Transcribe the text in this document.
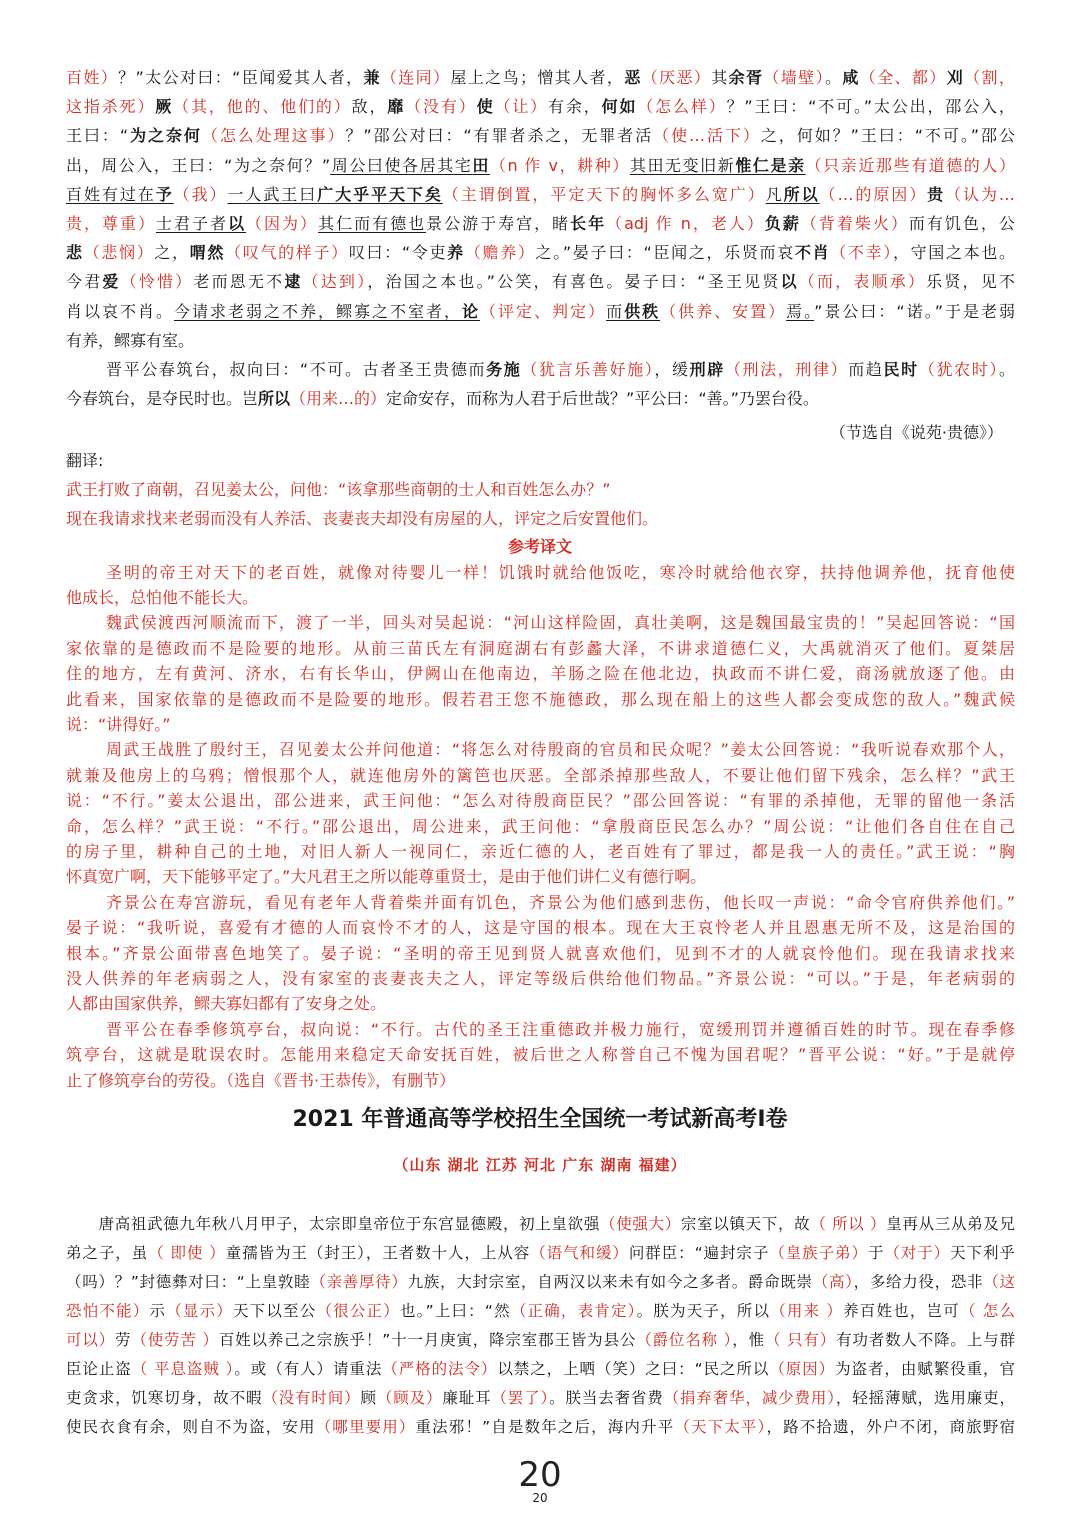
百姓）？”太公对曰：“臣闻爱其人者，兼（连同）屋上之鸟；憎其人者，恶（厌恶）其余胥（墙壁）。咸（全、都）刈（割，
这指杀死）厥（其，他的、他们的）敌，靡（没有）使（让）有余，何如（怎么样）？”王曰：“不可。”太公出，邵公入，
王曰：“为之奈何（怎么处理这事）？”邵公对曰：“有罪者杀之，无罪者活（使…活下）之，何如？”王曰：“不可。”邵公
出，周公入，王曰：“为之奈何？”周公曰使各居其宅田（n 作 v，耕种）其田无变旧新惟仁是亲（只亲近那些有道德的人）
百姓有过在予（我）一人武王曰广大乎平天下矣（主谓倒置，平定天下的胸怀多么宽广）凡所以（…的原因）贵（认为…
贵，尊重）士君子者以（因为）其仁而有德也景公游于寿宫，睹长年（adj 作 n，老人）负薪（背着柴火）而有饥色，公
悲（悲悯）之，喟然（叹气的样子）叹曰：“令吏养（赡养）之。”晏子曰：“臣闻之，乐贤而哀不肖（不幸），守国之本也。
今君爱（怜惜）老而恩无不逮（达到），治国之本也。”公笑，有喜色。晏子曰：“圣王见贤以（而，表顺承）乐贤，见不
肖以哀不肖。今请求老弱之不养，鳏寡之不室者，论（评定、判定）而供秩（供养、安置）焉。”景公曰：“诺。”于是老弱
有养，鳏寡有室。
晋平公春筑台，叔向曰：“不可。古者圣王贵德而务施（犹言乐善好施），缓刑辟（刑法，刑律）而趋民时（犹农时）。
今春筑台，是夺民时也。岂所以（用来…的）定命安存，而称为人君于后世哉？”平公曰：“善。”乃罢台役。
（节选自《说苑·贵德》）
翻译:
武王打败了商朝，召见姜太公，问他：“该拿那些商朝的士人和百姓怎么办？”
现在我请求找来老弱而没有人养活、丧妻丧夫却没有房屋的人，评定之后安置他们。
参考译文
圣明的帝王对天下的老百姓，就像对待婴儿一样！饥饿时就给他饭吃，寒冷时就给他衣穿，扶持他调养他，抚育他使
他成长，总怕他不能长大。
魏武侯渡西河顺流而下，渡了一半，回头对吴起说：“河山这样险固，真壮美啊，这是魏国最宝贵的！”吴起回答说：“国
家依靠的是德政而不是险要的地形。从前三苗氏左有洞庭湖右有彭蠡大泽，不讲求道德仁义，大禹就消灭了他们。夏桀居
住的地方，左有黄河、济水，右有长华山，伊阙山在他南边，羊肠之险在他北边，执政而不讲仁爱，商汤就放逐了他。由
此看来，国家依靠的是德政而不是险要的地形。假若君王您不施德政，那么现在船上的这些人都会变成您的敌人。”魏武候
说：“讲得好。”
周武王战胜了殷纣王，召见姜太公并问他道：“将怎么对待殷商的官员和民众呢？”姜太公回答说：“我听说春欢那个人，
就兼及他房上的乌鸦；憎恨那个人，就连他房外的篱笆也厌恶。全部杀掉那些敌人，不要让他们留下残余，怎么样？”武王
说：“不行。”姜太公退出，邵公进来，武王问他：“怎么对待殷商臣民？”邵公回答说：“有罪的杀掉他，无罪的留他一条活
命，怎么样？”武王说：“不行。”邵公退出，周公进来，武王问他：“拿殷商臣民怎么办？”周公说：“让他们各自住在自己
的房子里，耕种自己的土地，对旧人新人一视同仁，亲近仁德的人，老百姓有了罪过，都是我一人的责任。”武王说：“胸
怀真宽广啊，天下能够平定了。”大凡君王之所以能尊重贤士，是由于他们讲仁义有德行啊。
齐景公在寿宫游玩，看见有老年人背着柴并面有饥色，齐景公为他们感到悲伤，他长叹一声说：“命令官府供养他们。”
晏子说：“我听说，喜爱有才德的人而哀怜不才的人，这是守国的根本。现在大王哀怜老人并且恩惠无所不及，这是治国的
根本。”齐景公面带喜色地笑了。晏子说：“圣明的帝王见到贤人就喜欢他们，见到不才的人就哀怜他们。现在我请求找来
没人供养的年老病弱之人，没有家室的丧妻丧夫之人，评定等级后供给他们物品。”齐景公说：“可以。”于是，年老病弱的
人都由国家供养，鳏夫寡妇都有了安身之处。
晋平公在春季修筑亭台，叔向说：“不行。古代的圣王注重德政并极力施行，宽缓刑罚并遵循百姓的时节。现在春季修
筑亭台，这就是耽误农时。怎能用来稳定天命安抚百姓，被后世之人称誉自己不愧为国君呢？”晋平公说：“好。”于是就停
止了修筑亭台的劳役。（选自《晋书·王恭传》，有删节）
2021 年普通高等学校招生全国统一考试新高考I卷
（山东 湖北 江苏 河北 广东 湖南 福建）
唐高祖武德九年秋八月甲子，太宗即皇帝位于东宫显德殿，初上皇欲强（使强大）宗室以镇天下，故（ 所以 ）皇再从三从弟及兄
弟之子，虽（ 即使 ）童孺皆为王（封王），王者数十人，上从容（语气和缓）问群臣：“遍封宗子（皇族子弟）于（对于）天下利乎
（吗）？”封德彝对曰：“上皇敦睦（亲善厚待）九族，大封宗室，自两汉以来未有如今之多者。爵命既崇（高），多给力役，恐非（这
恐怕不能）示（显示）天下以至公（很公正）也。”上曰：“然（正确，表肯定）。朕为天子，所以（用来 ）养百姓也，岂可（ 怎么
可以）劳（使劳苦 ）百姓以养己之宗族乎！”十一月庚寅，降宗室郡王皆为县公（爵位名称 ），惟（ 只有）有功者数人不降。上与群
臣论止盗（ 平息盗贼 ）。或（有人）请重法（严格的法令）以禁之，上哂（笑）之曰：“民之所以（原因）为盗者，由赋繁役重，官
吏贪求，饥寒切身，故不暇（没有时间）顾（顾及）廉耻耳（罢了）。朕当去奢省费（捐弃奢华，减少费用），轻摇薄赋，选用廉吏，
使民衣食有余，则自不为盗，安用（哪里要用）重法邪！”自是数年之后，海内升平（天下太平），路不拾遗，外户不闭，商旅野宿
20
20
